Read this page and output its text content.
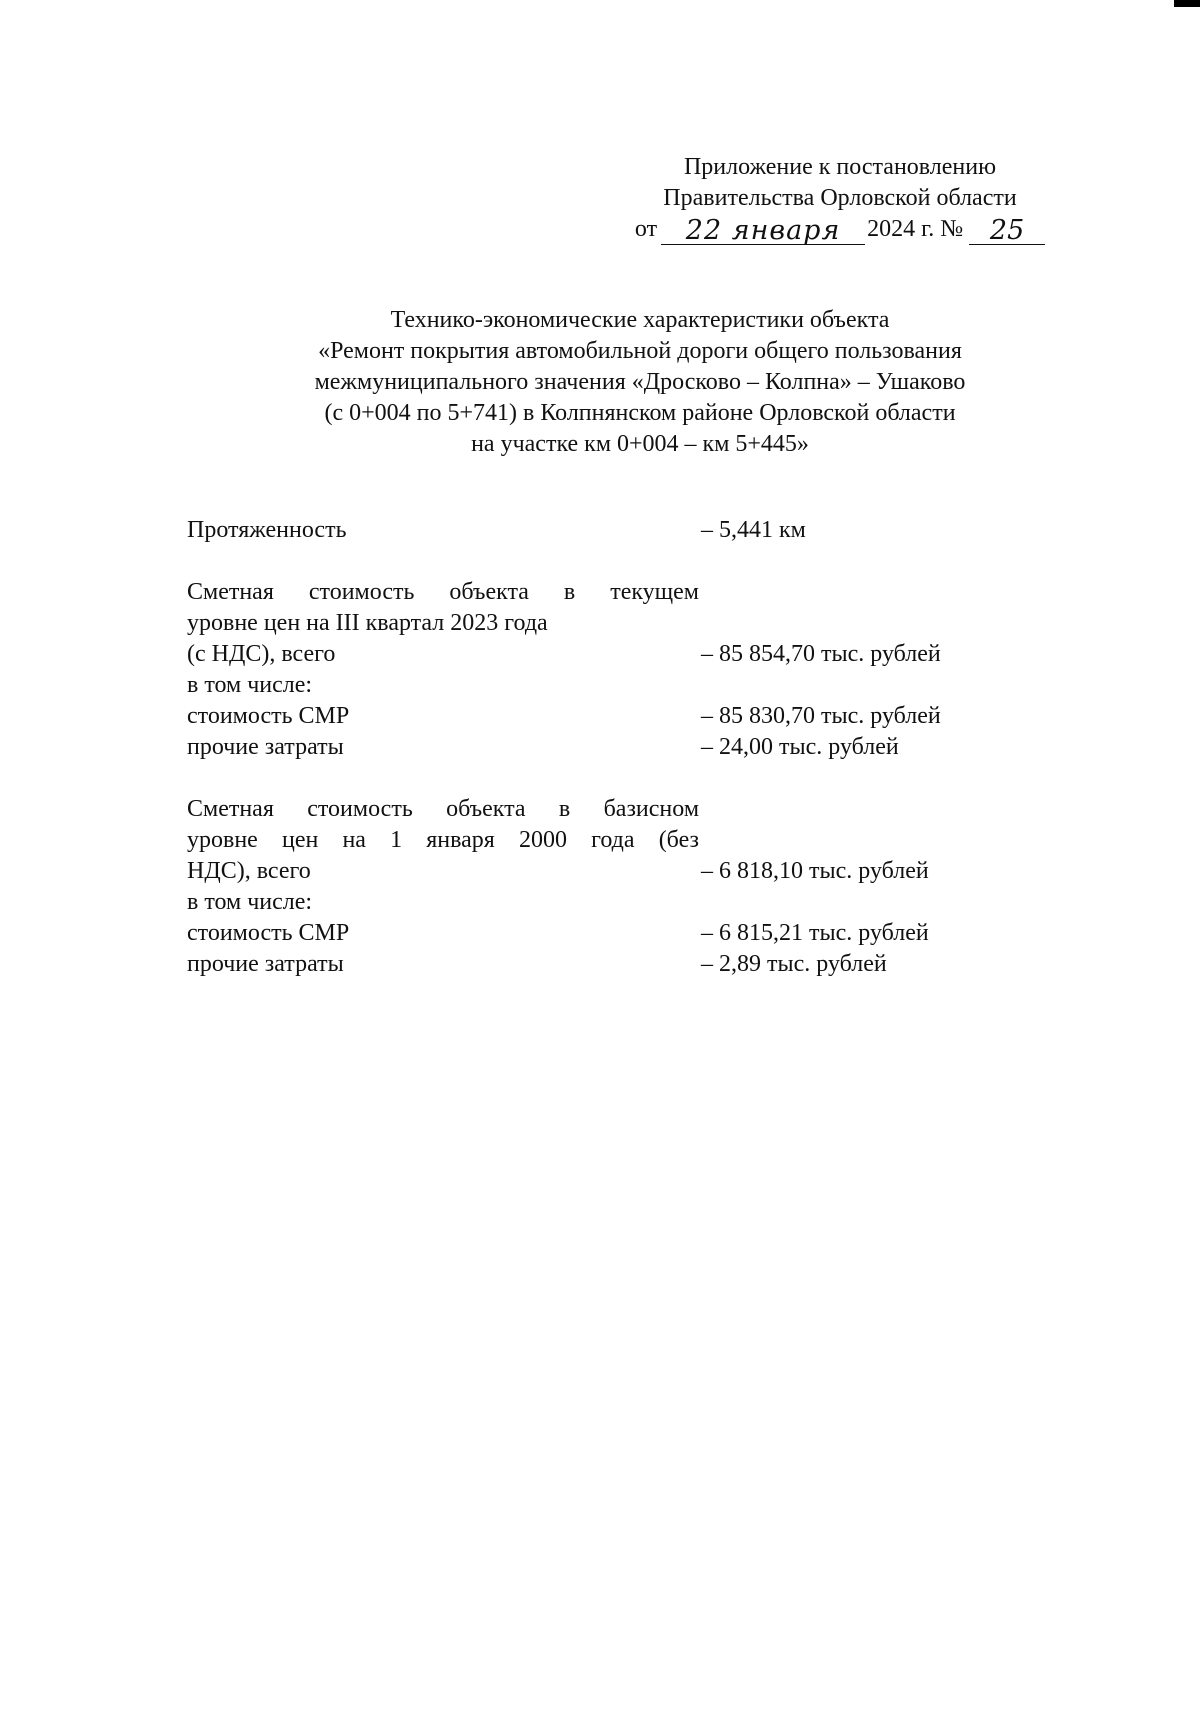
Приложение к постановлению
Правительства Орловской области
от	22 января	2024 г. № 25
Технико-экономические характеристики объекта
«Ремонт покрытия автомобильной дороги общего пользования
межмуниципального значения «Дросково – Колпна» – Ушаково
(с 0+004 по 5+741) в Колпнянском районе Орловской области
на участке км 0+004 – км 5+445»
Протяженность	– 5,441 км
Сметная стоимость объекта в текущем
уровне цен на III квартал 2023 года
(с НДС), всего	– 85 854,70 тыс. рублей
в том числе:
стоимость СМР	– 85 830,70 тыс. рублей
прочие затраты	– 24,00 тыс. рублей
Сметная стоимость объекта в базисном
уровне цен на 1 января 2000 года (без
НДС), всего	– 6 818,10 тыс. рублей
в том числе:
стоимость СМР	– 6 815,21 тыс. рублей
прочие затраты	– 2,89 тыс. рублей
